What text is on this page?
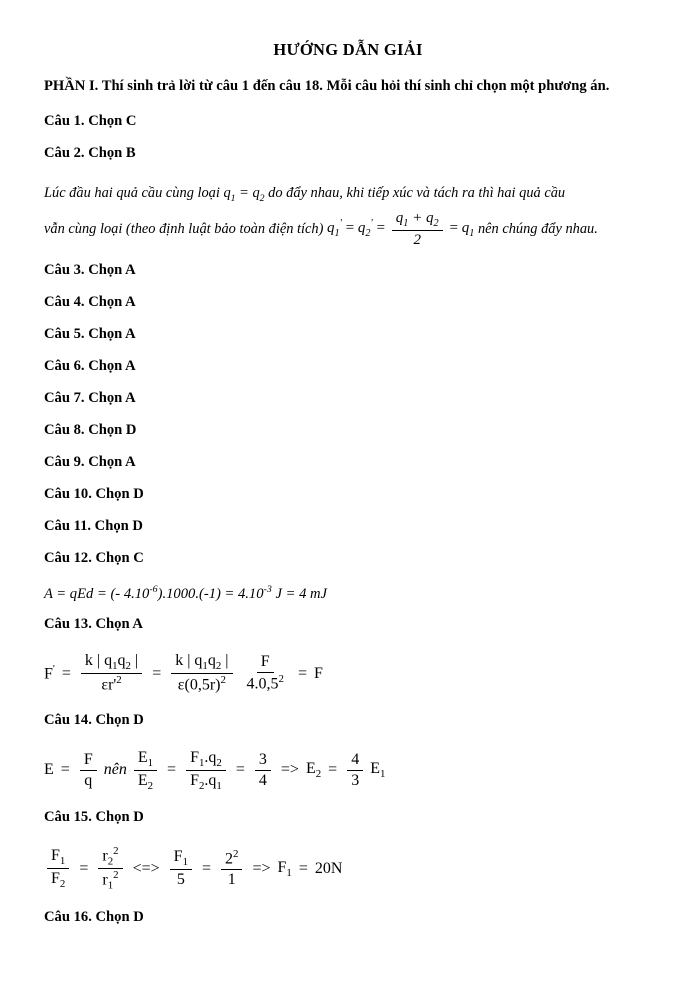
HƯỚNG DẪN GIẢI
PHẦN I. Thí sinh trả lời từ câu 1 đến câu 18. Mỗi câu hỏi thí sinh chỉ chọn một phương án.
Câu 1. Chọn C
Câu 2. Chọn B
Lúc đầu hai quả cầu cùng loại $q_1 = q_2$ do đẩy nhau, khi tiếp xúc và tách ra thì hai quả cầu
vẫn cùng loại (theo định luật bảo toàn điện tích) $q_1' = q_2' = \frac{q_1 + q_2}{2} = q_1$ nên chúng đẩy nhau.
Câu 3. Chọn A
Câu 4. Chọn A
Câu 5. Chọn A
Câu 6. Chọn A
Câu 7. Chọn A
Câu 8. Chọn D
Câu 9. Chọn A
Câu 10. Chọn D
Câu 11. Chọn D
Câu 12. Chọn C
A = qEd = (- $4.10^{-6}).1000.(-1) = 4.10^{-3}$ J = 4 mJ
Câu 13. Chọn A
$F' = \frac{k | q_1q_2 |}{\varepsilon r'^2} = \frac{k | q_1q_2 |}{\varepsilon(0,5r)^2} \frac{F}{4.0,5^2} = F$
Câu 14. Chọn D
$E = \frac{F}{q}$ nên $\frac{E_1}{E_2} = \frac{F_1.q_2}{F_2.q_1} = \frac{3}{4} => E_2 = \frac{4}{3} E_1$
Câu 15. Chọn D
$\frac{F_1}{F_2} = \frac{r_2^2}{r_1^2}$ <=> $\frac{F_1}{5} = \frac{2^2}{1} => F_1 = 20N$
Câu 16. Chọn D
